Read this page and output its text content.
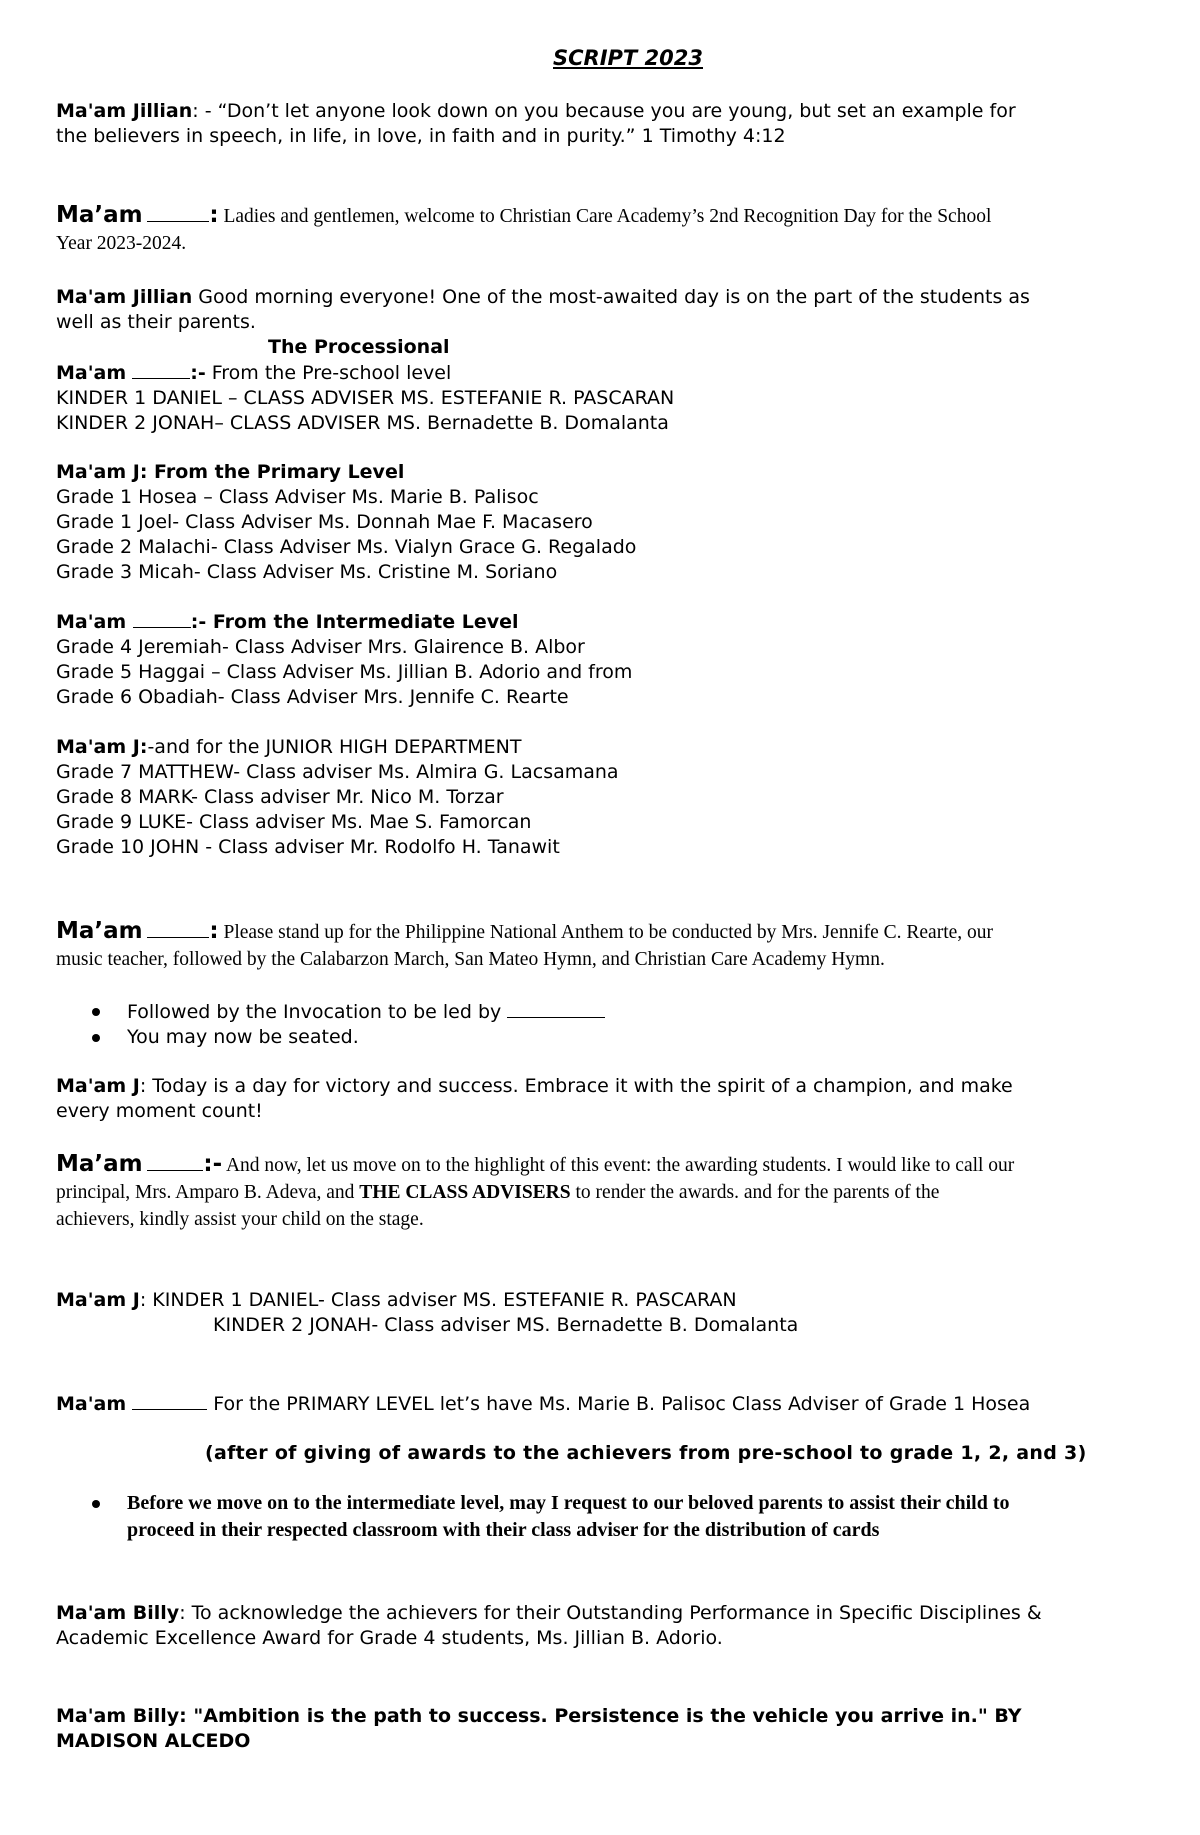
SCRIPT 2023
Ma'am Jillian: - “Don’t let anyone look down on you because you are young, but set an example for
the believers in speech, in life, in love, in faith and in purity.” 1 Timothy 4:12
Ma’am	: Ladies and gentlemen, welcome to Christian Care Academy’s 2nd Recognition Day for the School
Year 2023-2024.
Ma'am Jillian Good morning everyone! One of the most-awaited day is on the part of the students as
well as their parents.
The Processional
Ma'am	:- From the Pre-school level
KINDER 1 DANIEL – CLASS ADVISER MS. ESTEFANIE R. PASCARAN
KINDER 2 JONAH– CLASS ADVISER MS. Bernadette B. Domalanta
Ma'am J: From the Primary Level
Grade 1 Hosea – Class Adviser Ms. Marie B. Palisoc
Grade 1 Joel- Class Adviser Ms. Donnah Mae F. Macasero
Grade 2 Malachi- Class Adviser Ms. Vialyn Grace G. Regalado
Grade 3 Micah- Class Adviser Ms. Cristine M. Soriano
Ma'am	:- From the Intermediate Level
Grade 4 Jeremiah- Class Adviser Mrs. Glairence B. Albor
Grade 5 Haggai – Class Adviser Ms. Jillian B. Adorio and from
Grade 6 Obadiah- Class Adviser Mrs. Jennife C. Rearte
Ma'am J:-and for the JUNIOR HIGH DEPARTMENT
Grade 7 MATTHEW- Class adviser Ms. Almira G. Lacsamana
Grade 8 MARK- Class adviser Mr. Nico M. Torzar
Grade 9 LUKE- Class adviser Ms. Mae S. Famorcan
Grade 10 JOHN - Class adviser Mr. Rodolfo H. Tanawit
Ma’am	: Please stand up for the Philippine National Anthem to be conducted by Mrs. Jennife C. Rearte, our
music teacher, followed by the Calabarzon March, San Mateo Hymn, and Christian Care Academy Hymn.
Followed by the Invocation to be led by
You may now be seated.
Ma'am J: Today is a day for victory and success. Embrace it with the spirit of a champion, and make
every moment count!
Ma’am	:- And now, let us move on to the highlight of this event: the awarding students. I would like to call our
principal, Mrs. Amparo B. Adeva, and THE CLASS ADVISERS to render the awards. and for the parents of the
achievers, kindly assist your child on the stage.
Ma'am J: KINDER 1 DANIEL- Class adviser MS. ESTEFANIE R. PASCARAN
KINDER 2 JONAH- Class adviser MS. Bernadette B. Domalanta
Ma'am	For the PRIMARY LEVEL let’s have Ms. Marie B. Palisoc Class Adviser of Grade 1 Hosea
(after of giving of awards to the achievers from pre-school to grade 1, 2, and 3)
Before we move on to the intermediate level, may I request to our beloved parents to assist their child to
proceed in their respected classroom with their class adviser for the distribution of cards
Ma'am Billy: To acknowledge the achievers for their Outstanding Performance in Specific Disciplines &
Academic Excellence Award for Grade 4 students, Ms. Jillian B. Adorio.
Ma'am Billy: "Ambition is the path to success. Persistence is the vehicle you arrive in." BY
MADISON ALCEDO
